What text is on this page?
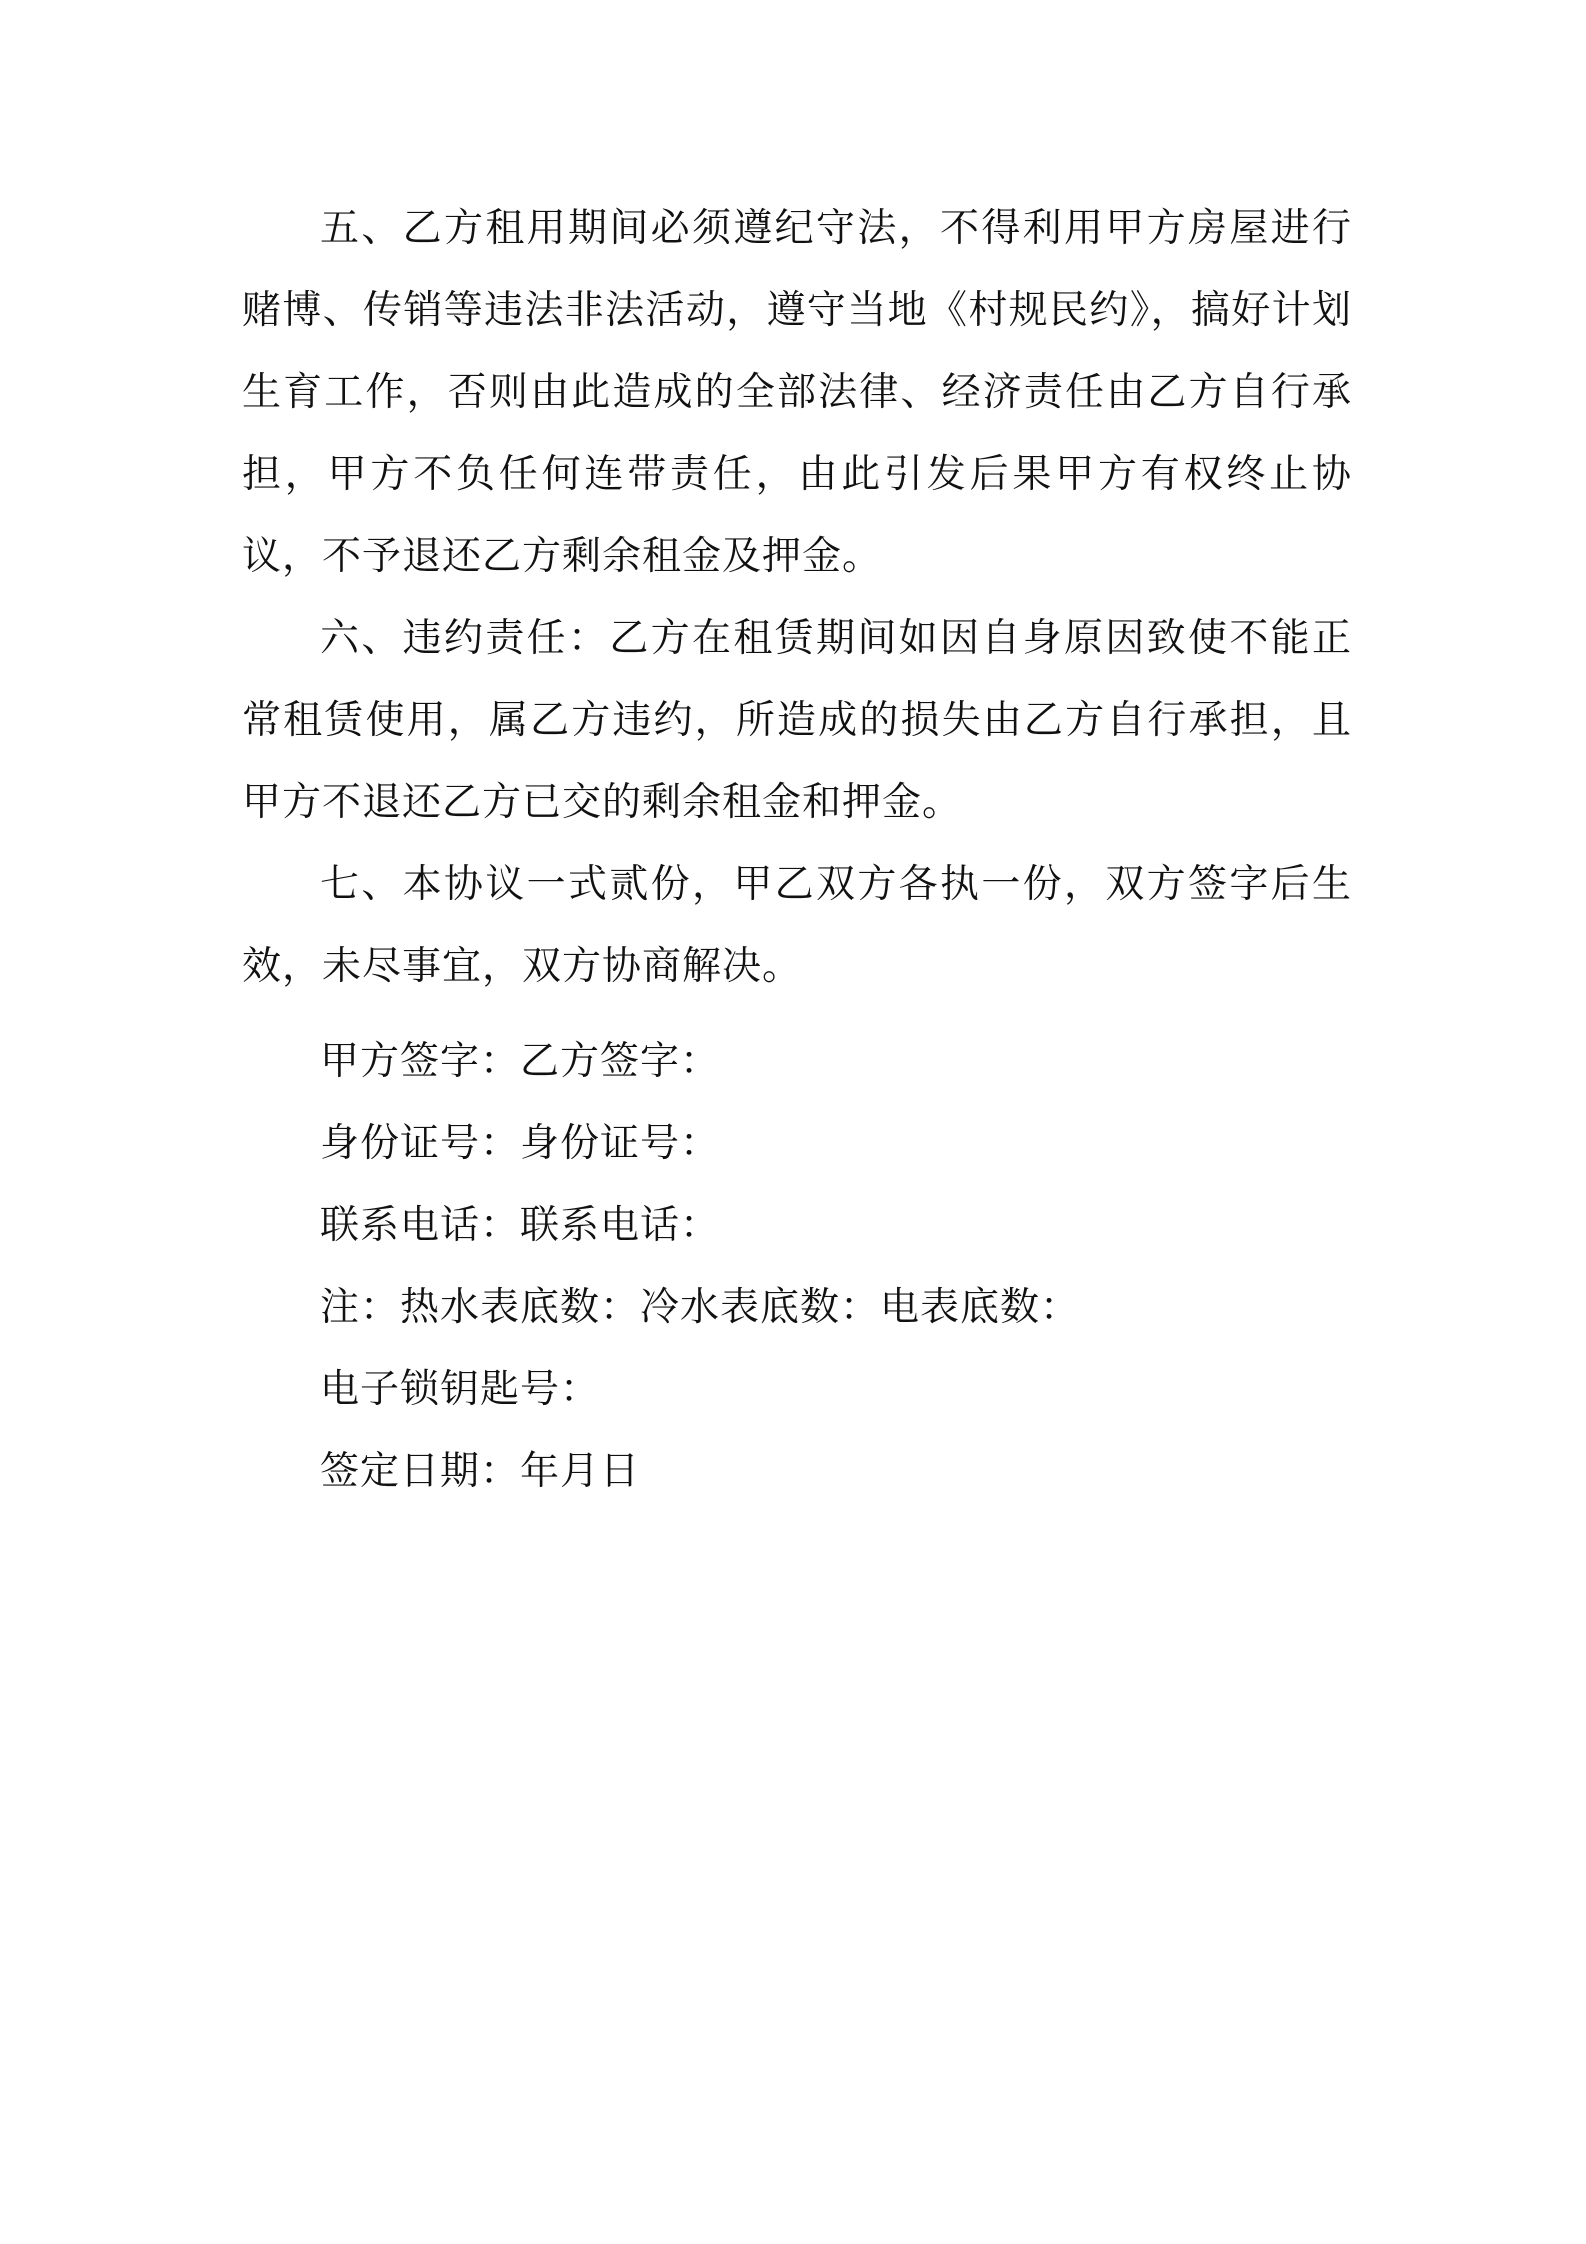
五、乙方租用期间必须遵纪守法，不得利用甲方房屋进行赌博、传销等违法非法活动，遵守当地《村规民约》，搞好计划生育工作，否则由此造成的全部法律、经济责任由乙方自行承担，甲方不负任何连带责任，由此引发后果甲方有权终止协议，不予退还乙方剩余租金及押金。

六、违约责任：乙方在租赁期间如因自身原因致使不能正常租赁使用，属乙方违约，所造成的损失由乙方自行承担，且甲方不退还乙方已交的剩余租金和押金。

七、本协议一式贰份，甲乙双方各执一份，双方签字后生效，未尽事宜，双方协商解决。

甲方签字：乙方签字：

身份证号：身份证号：

联系电话：联系电话：

注：热水表底数：冷水表底数：电表底数：

电子锁钥匙号：

签定日期：年月日
